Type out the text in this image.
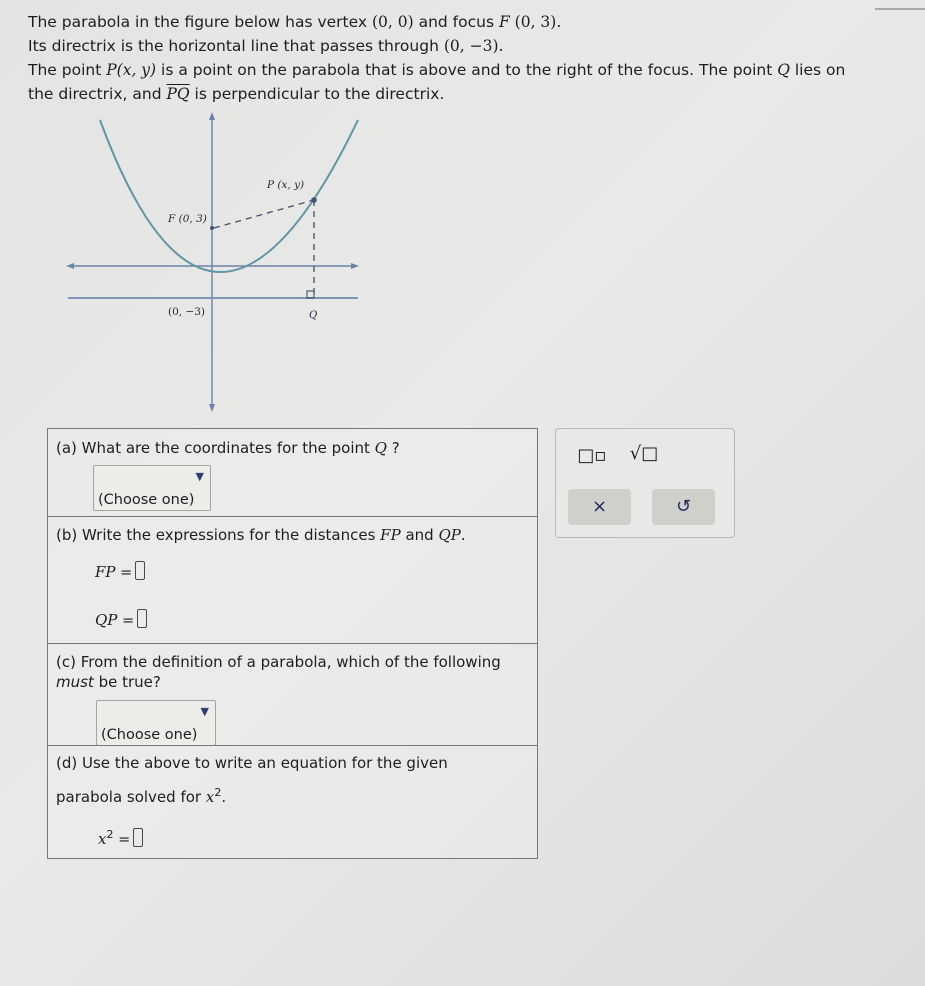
The parabola in the figure below has vertex (0, 0) and focus F (0, 3).

Its directrix is the horizontal line that passes through (0, −3).

The point P(x, y) is a point on the parabola that is above and to the right of the focus. The point Q lies on

the directrix, and $\overline{PQ}$ is perpendicular to the directrix.

P (x, y)
F (0, 3)
(0, −3)	Q
(a) What are the coordinates for the point Q ?
▼
(Choose one)
(b) Write the expressions for the distances FP and QP.
FP =
QP =
(c) From the definition of a parabola, which of the following
must be true?
▼
(Choose one)
(d) Use the above to write an equation for the given
parabola solved for $x^2$.
$x^2$ =
□▫	√□
×	↺
